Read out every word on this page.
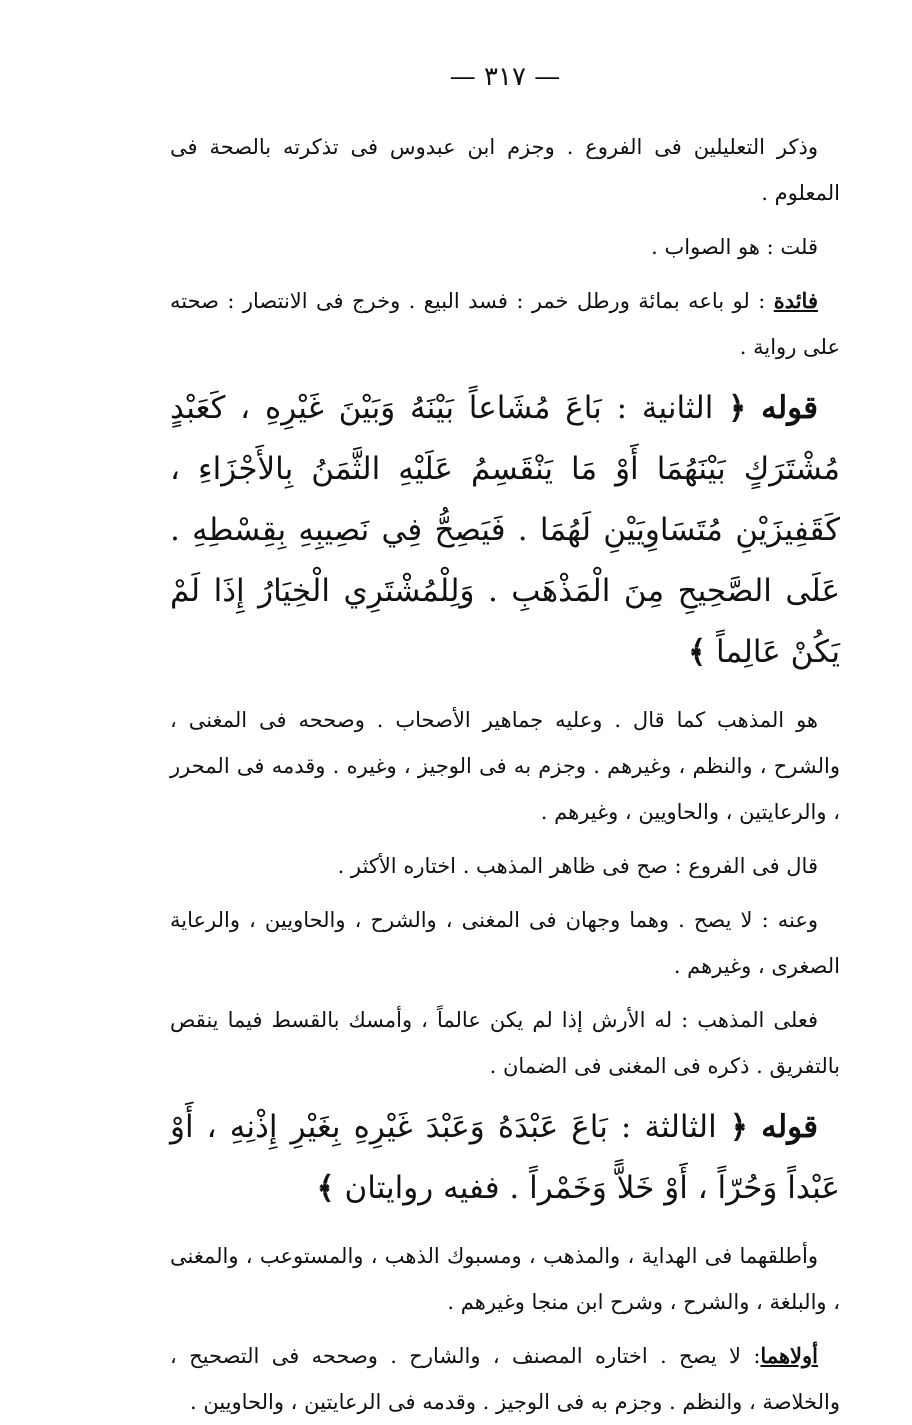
— ٣١٧ —

وذكر التعليلين فى الفروع . وجزم ابن عبدوس فى تذكرته بالصحة فى المعلوم .

قلت : هو الصواب .

فائدة : لو باعه بمائة ورطل خمر : فسد البيع . وخرج فى الانتصار : صحته على رواية .

قوله ﴿ الثانية : بَاعَ مُشَاعاً بَيْنَهُ وَبَيْنَ غَيْرِهِ ، كَعَبْدٍ مُشْتَرَكٍ بَيْنَهُمَا أَوْ مَا يَنْقَسِمُ عَلَيْهِ الثَّمَنُ بِالأَجْزَاءِ ، كَقَفِيزَيْنِ مُتَسَاوِيَيْنِ لَهُمَا . فَيَصِحُّ فِي نَصِيبِهِ بِقِسْطِهِ . عَلَى الصَّحِيحِ مِنَ الْمَذْهَبِ . وَلِلْمُشْتَرِي الْخِيَارُ إِذَا لَمْ يَكُنْ عَالِماً ﴾

هو المذهب كما قال . وعليه جماهير الأصحاب . وصححه فى المغنى ، والشرح ، والنظم ، وغيرهم . وجزم به فى الوجيز ، وغيره . وقدمه فى المحرر ، والرعايتين ، والحاويين ، وغيرهم .

قال فى الفروع : صح فى ظاهر المذهب . اختاره الأكثر .

وعنه : لا يصح . وهما وجهان فى المغنى ، والشرح ، والحاويين ، والرعاية الصغرى ، وغيرهم .

فعلى المذهب : له الأرش إذا لم يكن عالماً ، وأمسك بالقسط فيما ينقص بالتفريق . ذكره فى المغنى فى الضمان .

قوله ﴿ الثالثة : بَاعَ عَبْدَهُ وَعَبْدَ غَيْرِهِ بِغَيْرِ إِذْنِهِ ، أَوْ عَبْداً وَحُرّاً ، أَوْ خَلاًّ وَخَمْراً . ففيه روايتان ﴾

وأطلقهما فى الهداية ، والمذهب ، ومسبوك الذهب ، والمستوعب ، والمغنى ، والبلغة ، والشرح ، وشرح ابن منجا وغيرهم .

أولاهما: لا يصح . اختاره المصنف ، والشارح . وصححه فى التصحيح ، والخلاصة ، والنظم . وجزم به فى الوجيز . وقدمه فى الرعايتين ، والحاويين .
